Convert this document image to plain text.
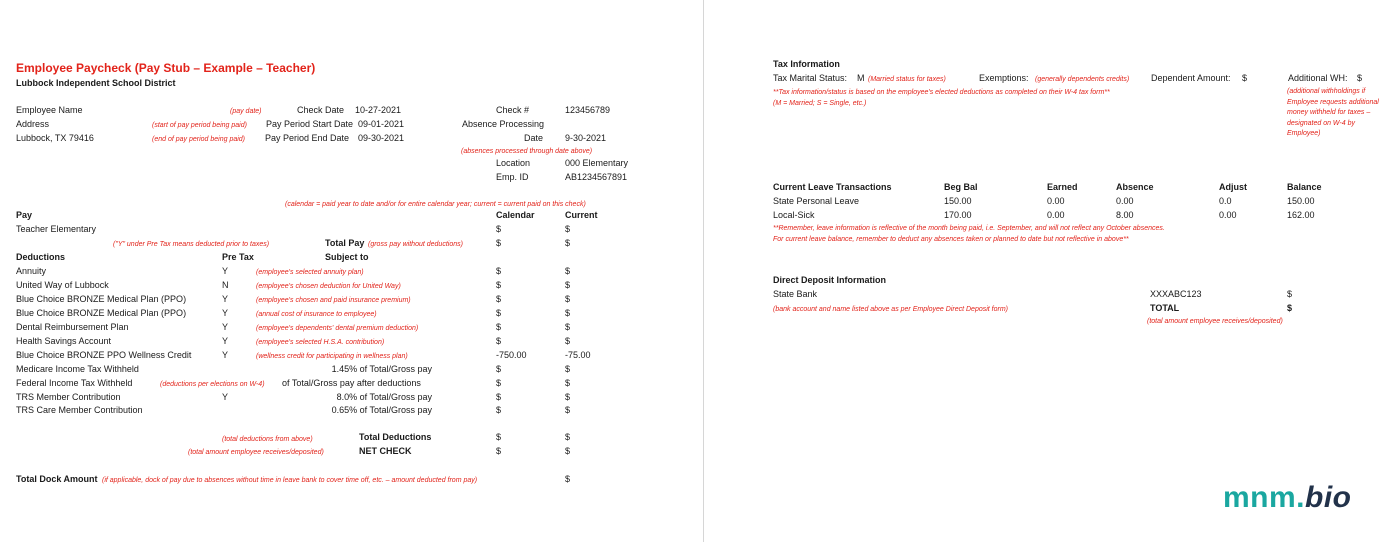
Employee Paycheck (Pay Stub – Example – Teacher)
Lubbock Independent School District
Employee Name
Address
Lubbock, TX 79416
(pay date)
(start of pay period being paid)
(end of pay period being paid)
Check Date 10-27-2021
Pay Period Start Date 09-01-2021
Pay Period End Date 09-30-2021
Check #	123456789
Absence Processing
Date 9-30-2021
(absences processed through date above)
Location	000 Elementary
Emp. ID	AB1234567891
(calendar = paid year to date and/or for entire calendar year; current = current paid on this check)
Pay	Calendar	Current
Teacher Elementary	$	$
("Y" under Pre Tax means deducted prior to taxes)	Total Pay (gross pay without deductions)	$	$
Deductions	Pre Tax	Subject to
Annuity	Y	(employee's selected annuity plan)	$	$
United Way of Lubbock	N	(employee's chosen deduction for United Way)	$	$
Blue Choice BRONZE Medical Plan (PPO)	Y	(employee's chosen and paid insurance premium)	$	$
Blue Choice BRONZE Medical Plan (PPO)	Y	(annual cost of insurance to employee)	$	$
Dental Reimbursement Plan	Y	(employee's dependents' dental premium deduction)	$	$
Health Savings Account	Y	(employee's selected H.S.A. contribution)	$	$
Blue Choice BRONZE PPO Wellness Credit	Y	(wellness credit for participating in wellness plan)	-750.00	-75.00
Medicare Income Tax Withheld	1.45% of Total/Gross pay	$	$
Federal Income Tax Withheld	(deductions per elections on W-4) of Total/Gross pay after deductions	$	$
TRS Member Contribution	Y	8.0% of Total/Gross pay	$	$
TRS Care Member Contribution	0.65% of Total/Gross pay	$	$
(total deductions from above)	Total Deductions	$	$
(total amount employee receives/deposited)	NET CHECK	$	$
Total Dock Amount (if applicable, dock of pay due to absences without time in leave bank to cover time off, etc. – amount deducted from pay)	$
Tax Information
Tax Marital Status: M (Married status for taxes)	Exemptions: (generally dependents credits) Dependent Amount: $	Additional WH: $
**Tax information/status is based on the employee's elected deductions as completed on their W-4 tax form**
(M = Married; S = Single, etc.)
(additional withholdings if Employee requests additional money withheld for taxes – designated on W-4 by Employee)
Current Leave Transactions	Beg Bal	Earned	Absence	Adjust	Balance
State Personal Leave	150.00	0.00	0.00	0.0	150.00
Local-Sick	170.00	0.00	8.00	0.00	162.00
**Remember, leave information is reflective of the month being paid, i.e. September, and will not reflect any October absences.
For current leave balance, remember to deduct any absences taken or planned to date but not reflective in above**
Direct Deposit Information
State Bank	XXXABC123	$
(bank account and name listed above as per Employee Direct Deposit form)	TOTAL	$
(total amount employee receives/deposited)
mnm.bio
